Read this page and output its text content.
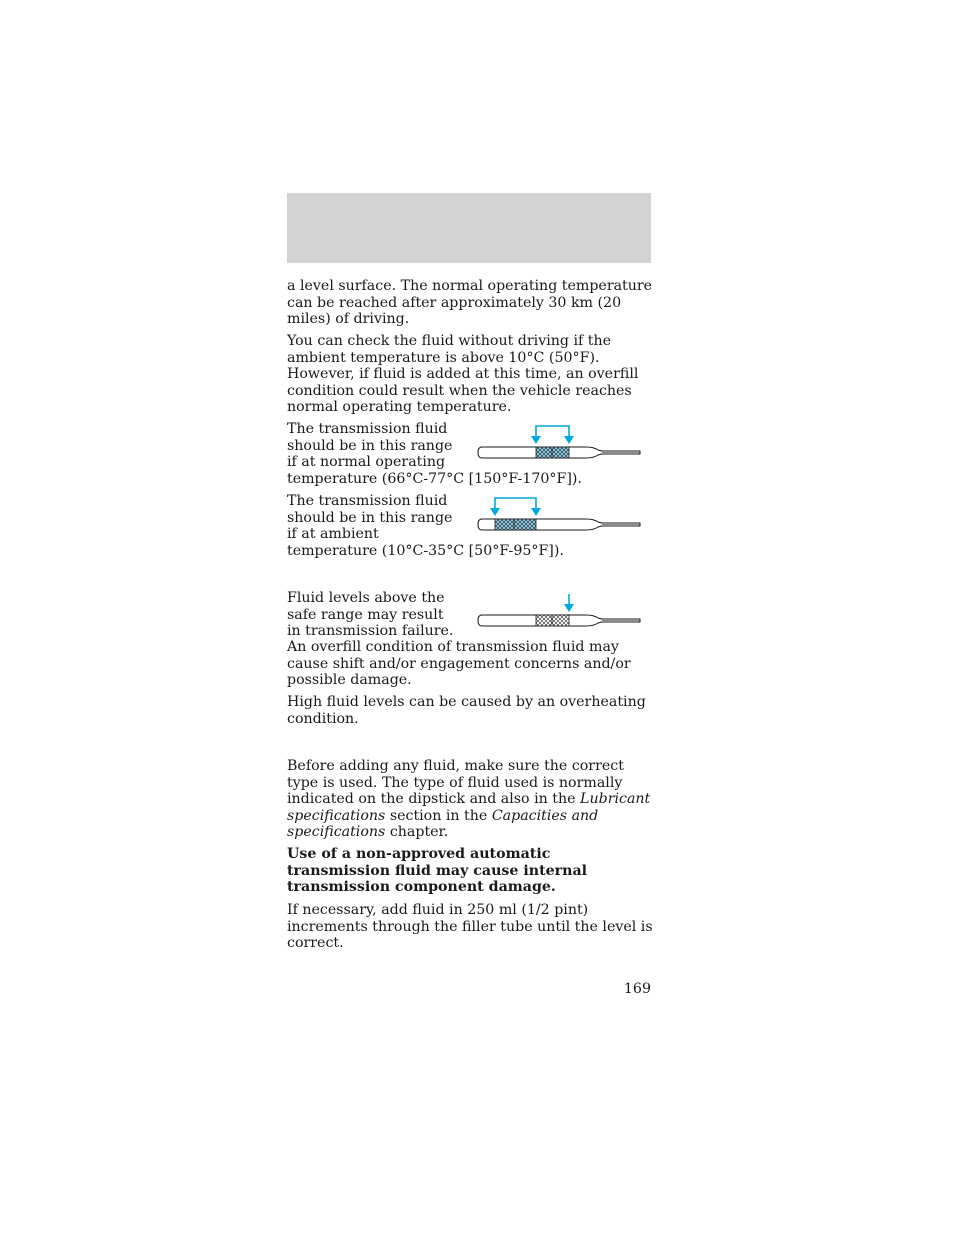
a level surface. The normal operating temperature can be reached after approximately 30 km (20 miles) of driving.

You can check the fluid without driving if the ambient temperature is above 10°C (50°F). However, if fluid is added at this time, an overfill condition could result when the vehicle reaches normal operating temperature.

The transmission fluid
should be in this range
if at normal operating
temperature (66°C-77°C [150°F-170°F]).
The transmission fluid
should be in this range
if at ambient
temperature (10°C-35°C [50°F-95°F]).
Fluid levels above the
safe range may result
in transmission failure.

An overfill condition of transmission fluid may cause shift and/or engagement concerns and/or possible damage.

High fluid levels can be caused by an overheating condition.

Before adding any fluid, make sure the correct type is used. The type of fluid used is normally indicated on the dipstick and also in the Lubricant specifications section in the Capacities and specifications chapter.

Use of a non-approved automatic transmission fluid may cause internal transmission component damage.

If necessary, add fluid in 250 ml (1/2 pint) increments through the filler tube until the level is correct.

169
